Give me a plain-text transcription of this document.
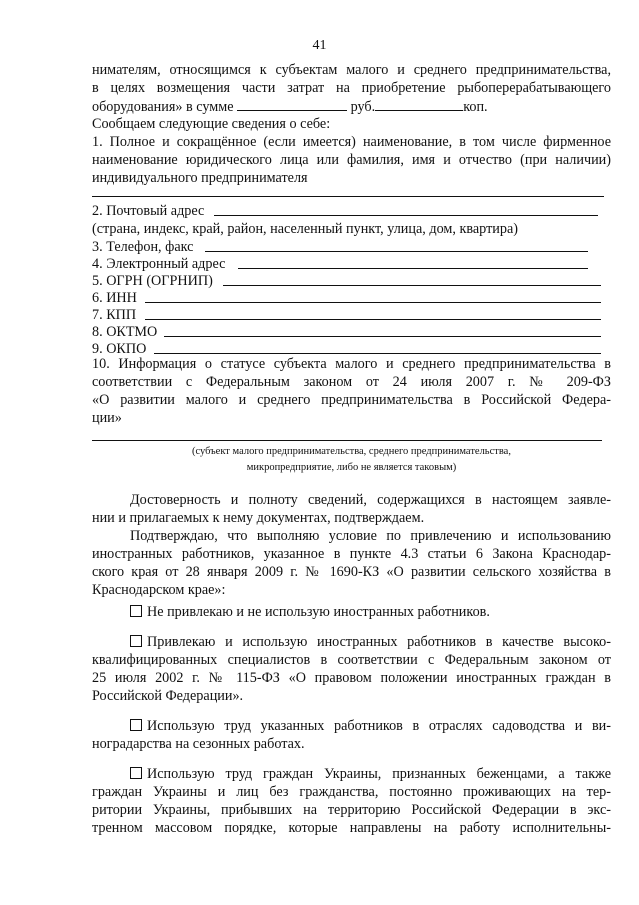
41
нимателям, относящимся к субъектам малого и среднего предпринимательства,
в целях возмещения части затрат на приобретение рыбоперерабатывающего
оборудования» в сумме	руб.	коп.
Сообщаем следующие сведения о себе:
1. Полное и сокращённое (если имеется) наименование, в том числе фирменное
наименование юридического лица или фамилия, имя и отчество (при наличии)
индивидуального предпринимателя
2. Почтовый адрес
(страна, индекс, край, район, населенный пункт, улица, дом, квартира)
3. Телефон, факс
4. Электронный адрес
5. ОГРН (ОГРНИП)
6. ИНН
7. КПП
8. ОКТМО
9. ОКПО
10. Информация о статусе субъекта малого и среднего предпринимательства в
соответствии с Федеральным законом от 24 июля 2007 г. № 209-ФЗ
«О развитии малого и среднего предпринимательства в Российской Федера-
ции»
(субъект малого предпринимательства, среднего предпринимательства,
микропредприятие, либо не является таковым)
Достоверность и полноту сведений, содержащихся в настоящем заявле-
нии и прилагаемых к нему документах, подтверждаем.
Подтверждаю, что выполняю условие по привлечению и использованию
иностранных работников, указанное в пункте 4.3 статьи 6 Закона Краснодар-
ского края от 28 января 2009 г. № 1690-КЗ «О развитии сельского хозяйства в
Краснодарском крае»:
Не привлекаю и не использую иностранных работников.
Привлекаю и использую иностранных работников в качестве высоко-
квалифицированных специалистов в соответствии с Федеральным законом от
25 июля 2002 г. № 115-ФЗ «О правовом положении иностранных граждан в
Российской Федерации».
Использую труд указанных работников в отраслях садоводства и ви-
ноградарства на сезонных работах.
Использую труд граждан Украины, признанных беженцами, а также
граждан Украины и лиц без гражданства, постоянно проживающих на тер-
ритории Украины, прибывших на территорию Российской Федерации в экс-
тренном массовом порядке, которые направлены на работу исполнительны-
